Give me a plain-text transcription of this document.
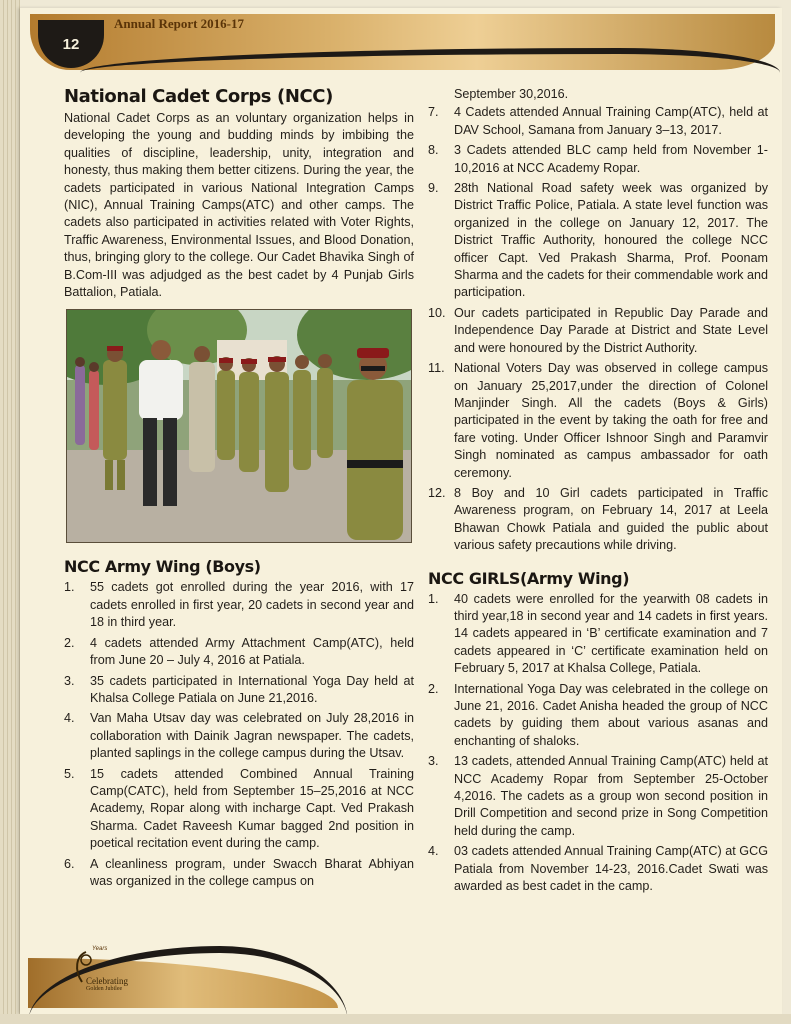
12
Annual Report 2016-17
National Cadet Corps (NCC)

National Cadet Corps as an voluntary organization helps in developing the young and budding minds by imbibing the qualities of discipline, leadership, unity, integration and honesty, thus making them better citizens. During the year, the cadets participated in various National Integration Camps (NIC), Annual Training Camps(ATC) and other camps. The cadets also participated in activities related with Voter Rights, Traffic Awareness, Environmental Issues, and Blood Donation, thus, bringing glory to the college. Our Cadet Bhavika Singh of B.Com-III was adjudged as the best cadet by 4 Punjab Girls Battalion, Patiala.

NCC Army Wing (Boys)
1. 55 cadets got enrolled during the year 2016, with 17 cadets enrolled in first year, 20 cadets in second year and 18 in third year.
2. 4 cadets attended Army Attachment Camp(ATC), held from June 20 – July 4, 2016 at Patiala.
3. 35 cadets participated in International Yoga Day held at Khalsa College Patiala on June 21,2016.
4. Van Maha Utsav day was celebrated on July 28,2016 in collaboration with Dainik Jagran newspaper. The cadets, planted saplings in the college campus during the Utsav.
5. 15 cadets attended Combined Annual Training Camp(CATC), held from September 15–25,2016 at NCC Academy, Ropar along with incharge Capt. Ved Prakash Sharma. Cadet Raveesh Kumar bagged 2nd position in poetical recitation event during the camp.
6. A cleanliness program, under Swacch Bharat Abhiyan was organized in the college campus on

September 30,2016.

7. 4 Cadets attended Annual Training Camp(ATC), held at DAV School, Samana from January 3–13, 2017.
8. 3 Cadets attended BLC camp held from November 1-10,2016 at NCC Academy Ropar.
9. 28th National Road safety week was organized by District Traffic Police, Patiala. A state level function was organized in the college on January 12, 2017. The District Traffic Authority, honoured the college NCC officer Capt. Ved Prakash Sharma, Prof. Poonam Sharma and the cadets for their commendable work and participation.
10. Our cadets participated in Republic Day Parade and Independence Day Parade at District and State Level and were honoured by the District Authority.
11. National Voters Day was observed in college campus on January 25,2017,under the direction of Colonel Manjinder Singh. All the cadets (Boys & Girls) participated in the event by taking the oath for free and fare voting. Under Officer Ishnoor Singh and Paramvir Singh nominated as campus ambassador for oath ceremony.
12. 8 Boy and 10 Girl cadets participated in Traffic Awareness program, on February 14, 2017 at Leela Bhawan Chowk Patiala and guided the public about various safety precautions while driving.
NCC GIRLS(Army Wing)
1. 40 cadets were enrolled for the yearwith 08 cadets in third year,18 in second year and 14 cadets in first years. 14 cadets appeared in ‘B’ certificate examination and 7 cadets appeared in ‘C’ certificate examination held on February 5, 2017 at Khalsa College, Patiala.
2. International Yoga Day was celebrated in the college on June 21, 2016. Cadet Anisha headed the group of NCC cadets by guiding them about various asanas and enchanting of shaloks.
3. 13 cadets, attended Annual Training Camp(ATC) held at NCC Academy Ropar from September 25-October 4,2016. The cadets as a group won second position in Drill Competition and second prize in Song Competition held during the camp.
4. 03 cadets attended Annual Training Camp(ATC) at GCG Patiala from November 14-23, 2016.Cadet Swati was awarded as best cadet in the camp.
Years
Celebrating
Golden Jubilee
